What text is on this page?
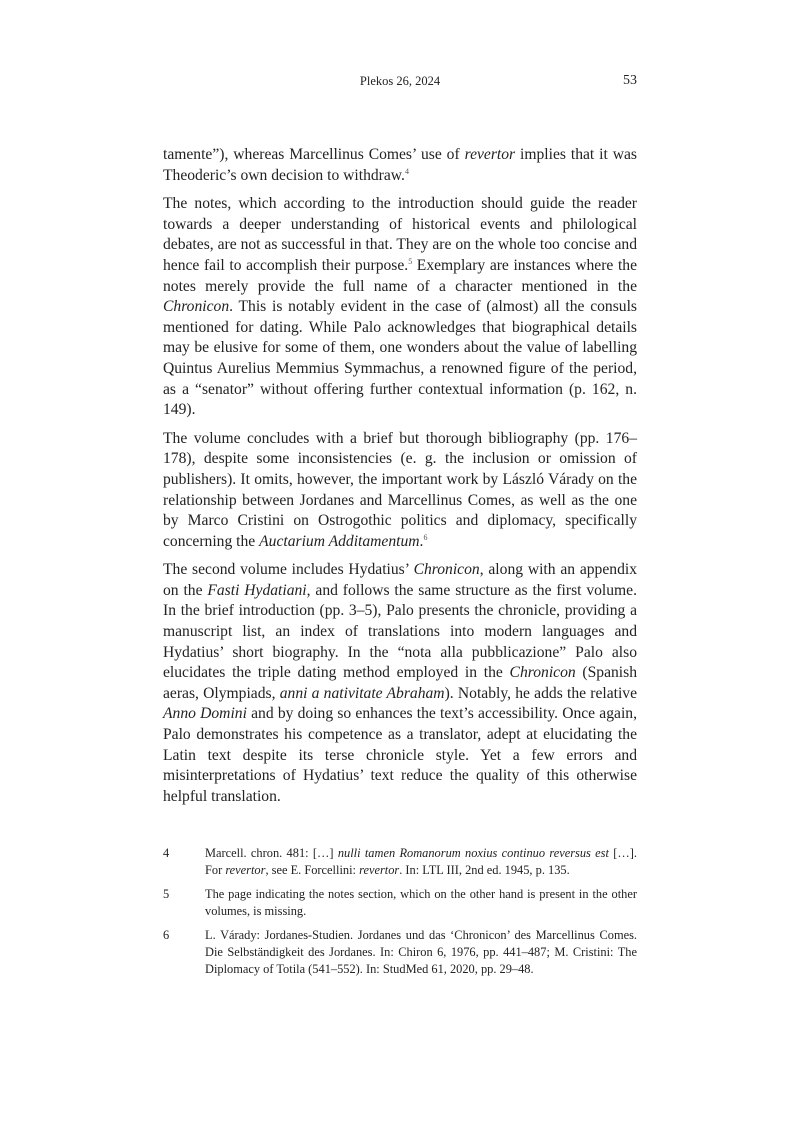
Plekos 26, 2024	53

tamente”), whereas Marcellinus Comes’ use of revertor implies that it was Theoderic’s own decision to withdraw.$^4$

The notes, which according to the introduction should guide the reader towards a deeper understanding of historical events and philological debates, are not as successful in that. They are on the whole too concise and hence fail to accomplish their purpose.$^5$ Exemplary are instances where the notes merely provide the full name of a character mentioned in the Chronicon. This is notably evident in the case of (almost) all the consuls mentioned for dating. While Palo acknowledges that biographical details may be elusive for some of them, one wonders about the value of labelling Quintus Aurelius Memmius Symmachus, a renowned figure of the period, as a “senator” without offering further contextual information (p. 162, n. 149).

The volume concludes with a brief but thorough bibliography (pp. 176–178), despite some inconsistencies (e. g. the inclusion or omission of publishers). It omits, however, the important work by László Várady on the relationship between Jordanes and Marcellinus Comes, as well as the one by Marco Cristini on Ostrogothic politics and diplomacy, specifically concerning the Auctarium Additamentum.$^6$

The second volume includes Hydatius’ Chronicon, along with an appendix on the Fasti Hydatiani, and follows the same structure as the first volume. In the brief introduction (pp. 3–5), Palo presents the chronicle, providing a manuscript list, an index of translations into modern languages and Hydatius’ short biography. In the “nota alla pubblicazione” Palo also elucidates the triple dating method employed in the Chronicon (Spanish aeras, Olympiads, anni a nativitate Abraham). Notably, he adds the relative Anno Domini and by doing so enhances the text’s accessibility. Once again, Palo demonstrates his competence as a translator, adept at elucidating the Latin text despite its terse chronicle style. Yet a few errors and misinterpretations of Hydatius’ text reduce the quality of this otherwise helpful translation.

4	Marcell. chron. 481: […] nulli tamen Romanorum noxius continuo reversus est […]. For revertor, see E. Forcellini: revertor. In: LTL III, 2nd ed. 1945, p. 135.
5	The page indicating the notes section, which on the other hand is present in the other volumes, is missing.
6	L. Várady: Jordanes-Studien. Jordanes und das ‘Chronicon’ des Marcellinus Comes. Die Selbständigkeit des Jordanes. In: Chiron 6, 1976, pp. 441–487; M. Cristini: The Diplomacy of Totila (541–552). In: StudMed 61, 2020, pp. 29–48.
